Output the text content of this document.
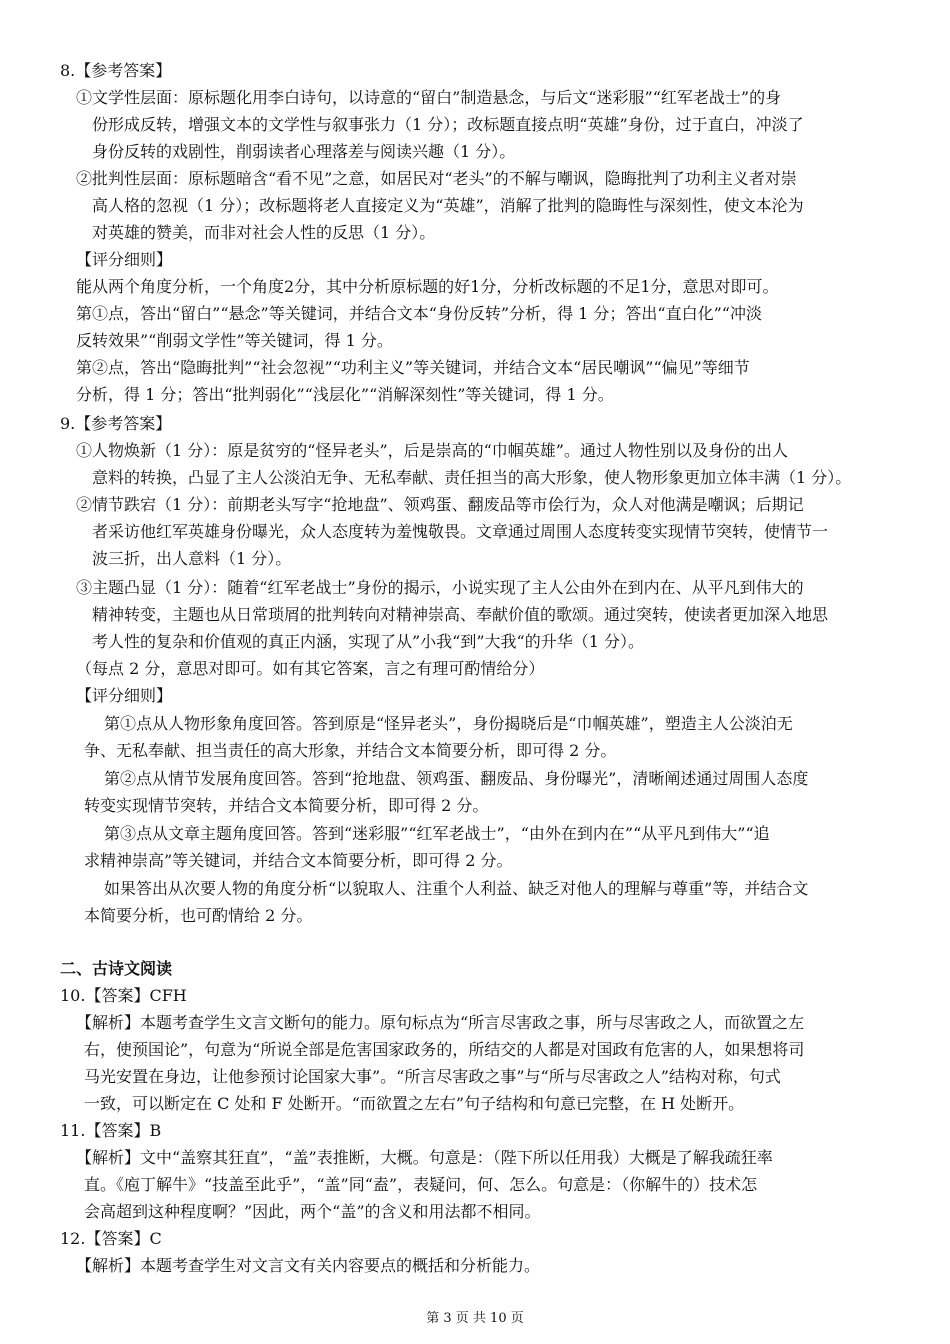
8.【参考答案】
①文学性层面：原标题化用李白诗句，以诗意的“留白”制造悬念，与后文“迷彩服”“红军老战士”的身
份形成反转，增强文本的文学性与叙事张力（1 分）；改标题直接点明“英雄”身份，过于直白，冲淡了
身份反转的戏剧性，削弱读者心理落差与阅读兴趣（1 分）。
②批判性层面：原标题暗含“看不见”之意，如居民对“老头”的不解与嘲讽，隐晦批判了功利主义者对崇
高人格的忽视（1 分）；改标题将老人直接定义为“英雄”，消解了批判的隐晦性与深刻性，使文本沦为
对英雄的赞美，而非对社会人性的反思（1 分）。
【评分细则】
能从两个角度分析，一个角度2分，其中分析原标题的好1分，分析改标题的不足1分，意思对即可。
第①点，答出“留白”“悬念”等关键词，并结合文本“身份反转”分析，得 1 分；答出“直白化”“冲淡
反转效果”“削弱文学性”等关键词，得 1 分。
第②点，答出“隐晦批判”“社会忽视”“功利主义”等关键词，并结合文本“居民嘲讽”“偏见”等细节
分析，得 1 分；答出“批判弱化”“浅层化”“消解深刻性”等关键词，得 1 分。
9.【参考答案】
①人物焕新（1 分）：原是贫穷的“怪异老头”，后是崇高的“巾帼英雄”。通过人物性别以及身份的出人
意料的转换，凸显了主人公淡泊无争、无私奉献、责任担当的高大形象，使人物形象更加立体丰满（1 分）。
②情节跌宕（1 分）：前期老头写字“抢地盘”、领鸡蛋、翻废品等市侩行为，众人对他满是嘲讽；后期记
者采访他红军英雄身份曝光，众人态度转为羞愧敬畏。文章通过周围人态度转变实现情节突转，使情节一
波三折，出人意料（1 分）。
③主题凸显（1 分）：随着“红军老战士”身份的揭示，小说实现了主人公由外在到内在、从平凡到伟大的
精神转变，主题也从日常琐屑的批判转向对精神崇高、奉献价值的歌颂。通过突转，使读者更加深入地思
考人性的复杂和价值观的真正内涵，实现了从”小我“到”大我“的升华（1 分）。
（每点 2 分，意思对即可。如有其它答案，言之有理可酌情给分）
【评分细则】
第①点从人物形象角度回答。答到原是“怪异老头”，身份揭晓后是“巾帼英雄”，塑造主人公淡泊无
争、无私奉献、担当责任的高大形象，并结合文本简要分析，即可得 2 分。
第②点从情节发展角度回答。答到“抢地盘、领鸡蛋、翻废品、身份曝光”，清晰阐述通过周围人态度
转变实现情节突转，并结合文本简要分析，即可得 2 分。
第③点从文章主题角度回答。答到“迷彩服”“红军老战士”，“由外在到内在”“从平凡到伟大”“追
求精神崇高”等关键词，并结合文本简要分析，即可得 2 分。
如果答出从次要人物的角度分析“以貌取人、注重个人利益、缺乏对他人的理解与尊重”等，并结合文
本简要分析，也可酌情给 2 分。
二、古诗文阅读
10.【答案】CFH
【解析】本题考查学生文言文断句的能力。原句标点为“所言尽害政之事，所与尽害政之人，而欲置之左
右，使预国论”，句意为“所说全部是危害国家政务的，所结交的人都是对国政有危害的人，如果想将司
马光安置在身边，让他参预讨论国家大事”。“所言尽害政之事”与“所与尽害政之人”结构对称，句式
一致，可以断定在 C 处和 F 处断开。“而欲置之左右”句子结构和句意已完整，在 H 处断开。
11.【答案】B
【解析】文中“盖察其狂直”，“盖”表推断，大概。句意是：（陛下所以任用我）大概是了解我疏狂率
直。《庖丁解牛》“技盖至此乎”，“盖”同“盍”，表疑问，何、怎么。句意是：（你解牛的）技术怎
会高超到这种程度啊？”因此，两个“盖”的含义和用法都不相同。
12.【答案】C
【解析】本题考查学生对文言文有关内容要点的概括和分析能力。
第 3 页 共 10 页
